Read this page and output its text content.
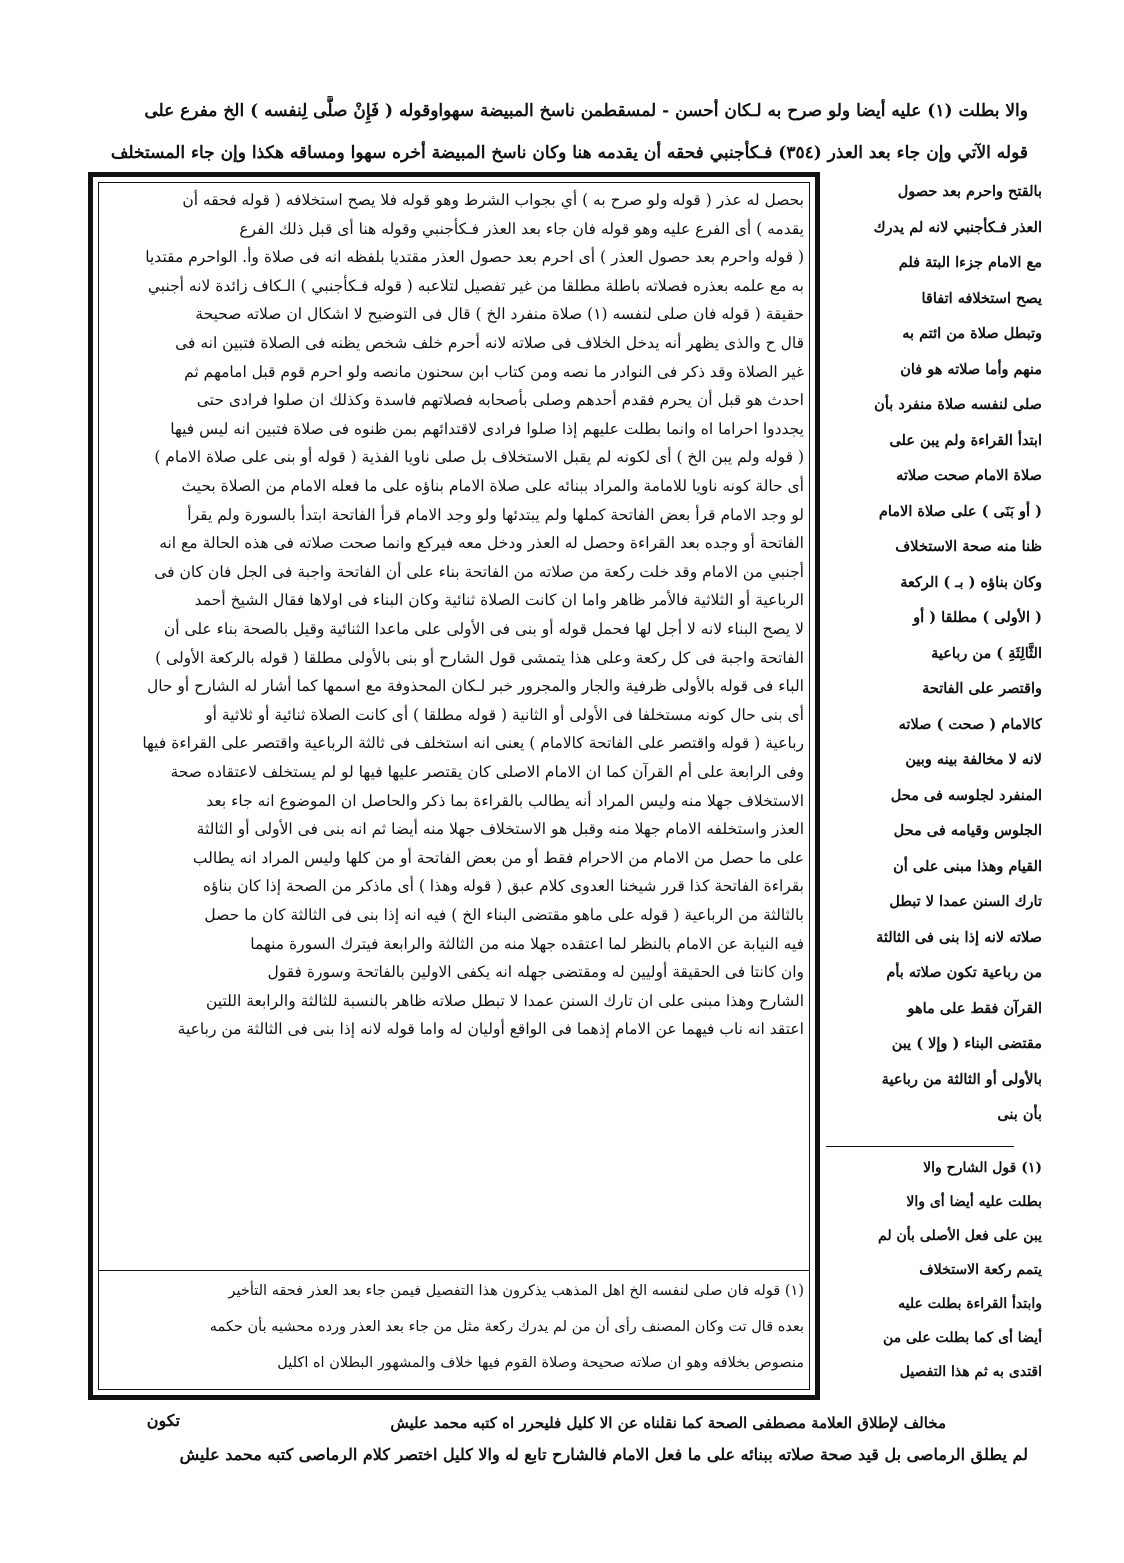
والا بطلت (١) عليه أيضا ولو صرح به لـكان أحسن - لمسقطمن ناسخ المبيضة سهواوقوله ( فَإِنْ صلَّى لِنفسه ) الخ مفرع على
قوله الآتي وإن جاء بعد العذر (٣٥٤) فـكأجنبي فحقه أن يقدمه هنا وكان ناسخ المبيضة أخره سهوا ومساقه هكذا وإن جاء المستخلف
بحصل له عذر ( قوله ولو صرح به ) أي بجواب الشرط وهو قوله فلا يصح استخلافه ( قوله فحقه أن
يقدمه ) أى الفرع عليه وهو قوله فان جاء بعد العذر فـكأجنبي وقوله هنا أى قبل ذلك الفرع
( قوله واحرم بعد حصول العذر ) أى احرم بعد حصول العذر مقتديا بلفظه انه فى صلاة وأ. الواحرم مقتديا
به مع علمه بعذره فصلاته باطلة مطلقا من غير تفصيل لتلاعبه ( قوله فـكأجنبي ) الـكاف زائدة لانه أجنبي
حقيقة ( قوله فان صلى لنفسه (١) صلاة منفرد الخ ) قال فى التوضيح لا اشكال ان صلاته صحيحة
قال ح والذى يظهر أنه يدخل الخلاف فى صلاته لانه أحرم خلف شخص يظنه فى الصلاة فتبين انه فى
غير الصلاة وقد ذكر فى النوادر ما نصه ومن كتاب ابن سحنون مانصه ولو احرم قوم قبل امامهم ثم
احدث هو قبل أن يحرم فقدم أحدهم وصلى بأصحابه فصلاتهم فاسدة وكذلك ان صلوا فرادى حتى
يجددوا احراما اه وانما بطلت عليهم إذا صلوا فرادى لاقتدائهم بمن ظنوه فى صلاة فتبين انه ليس فيها
( قوله ولم يبن الخ ) أى لكونه لم يقبل الاستخلاف بل صلى ناويا الفذية ( قوله أو بنى على صلاة الامام )
أى حالة كونه ناويا للامامة والمراد ببنائه على صلاة الامام بناؤه على ما فعله الامام من الصلاة بحيث
لو وجد الامام قرأ بعض الفاتحة كملها ولم يبتدئها ولو وجد الامام قرأ الفاتحة ابتدأ بالسورة ولم يقرأ
الفاتحة أو وجده بعد القراءة وحصل له العذر ودخل معه فيركع وانما صحت صلاته فى هذه الحالة مع انه
أجنبي من الامام وقد خلت ركعة من صلاته من الفاتحة بناء على أن الفاتحة واجبة فى الجل فان كان فى
الرباعية أو الثلاثية فالأمر ظاهر واما ان كانت الصلاة ثنائية وكان البناء فى اولاها فقال الشيخ أحمد
لا يصح البناء لانه لا أجل لها فحمل قوله أو بنى فى الأولى على ماعدا الثنائية وقيل بالصحة بناء على أن
الفاتحة واجبة فى كل ركعة وعلى هذا يتمشى قول الشارح أو بنى بالأولى مطلقا ( قوله بالركعة الأولى )
الباء فى قوله بالأولى ظرفية والجار والمجرور خبر لـكان المحذوفة مع اسمها كما أشار له الشارح أو حال
أى بنى حال كونه مستخلفا فى الأولى أو الثانية ( قوله مطلقا ) أى كانت الصلاة ثنائية أو ثلاثية أو
رباعية ( قوله واقتصر على الفاتحة كالامام ) يعنى انه استخلف فى ثالثة الرباعية واقتصر على القراءة فيها
وفى الرابعة على أم القرآن كما ان الامام الاصلى كان يقتصر عليها فيها لو لم يستخلف لاعتقاده صحة
الاستخلاف جهلا منه وليس المراد أنه يطالب بالقراءة بما ذكر والحاصل ان الموضوع انه جاء بعد
العذر واستخلفه الامام جهلا منه وقبل هو الاستخلاف جهلا منه أيضا ثم انه بنى فى الأولى أو الثالثة
على ما حصل من الامام من الاحرام فقط أو من بعض الفاتحة أو من كلها وليس المراد انه يطالب
بقراءة الفاتحة كذا قرر شيخنا العدوى كلام عبق ( قوله وهذا ) أى ماذكر من الصحة إذا كان بناؤه
بالثالثة من الرباعية ( قوله على ماهو مقتضى البناء الخ ) فيه انه إذا بنى فى الثالثة كان ما حصل
فيه النيابة عن الامام بالنظر لما اعتقده جهلا منه من الثالثة والرابعة فيترك السورة منهما
وان كانتا فى الحقيقة أوليين له ومقتضى جهله انه يكفى الاولين بالفاتحة وسورة فقول
الشارح وهذا مبنى على ان تارك السنن عمدا لا تبطل صلاته ظاهر بالنسبة للثالثة والرابعة اللتين
اعتقد انه ناب فيهما عن الامام إذهما فى الواقع أوليان له واما قوله لانه إذا بنى فى الثالثة من رباعية
(١) قوله فان صلى لنفسه الخ اهل المذهب يذكرون هذا التفصيل فيمن جاء بعد العذر فحقه التأخير
بعده قال تت وكان المصنف رأى أن من لم يدرك ركعة مثل من جاء بعد العذر ورده محشيه بأن حكمه
منصوص بخلافه وهو ان صلاته صحيحة وصلاة القوم فيها خلاف والمشهور البطلان اه اكليل
بالقتح واحرم بعد حصول
العذر فـكأجنبي لانه لم يدرك
مع الامام جزءا البتة فلم
يصح استخلافه اتفاقا
وتبطل صلاة من ائتم به
منهم وأما صلاته هو فان
صلى لنفسه صلاة منفرد بأن
ابتدأ القراءة ولم يبن على
صلاة الامام صحت صلاته
( أو بَنَى ) على صلاة الامام
ظنا منه صحة الاستخلاف
وكان بناؤه ( بـ ) الركعة
( الأولى ) مطلقا ( أو
الثَّالِثَةِ ) من رباعية
واقتصر على الفاتحة
كالامام ( صحت ) صلاته
لانه لا مخالفة بينه وبين
المنفرد لجلوسه فى محل
الجلوس وقيامه فى محل
القيام وهذا مبنى على أن
تارك السنن عمدا لا تبطل
صلاته لانه إذا بنى فى الثالثة
من رباعية تكون صلاته بأم
القرآن فقط على ماهو
مقتضى البناء ( وإلا ) يبن
بالأولى أو الثالثة من رباعية
بأن بنى
(١) قول الشارح والا
بطلت عليه أيضا أى والا
يبن على فعل الأصلى بأن لم
يتمم ركعة الاستخلاف
وابتدأ القراءة بطلت عليه
أيضا أى كما بطلت على من
اقتدى به ثم هذا التفصيل
مخالف لإطلاق العلامة مصطفى الصحة كما نقلناه عن الا كليل فليحرر اه كتبه محمد عليش
تكون
لم يطلق الرماصى بل قيد صحة صلاته ببنائه على ما فعل الامام فالشارح تابع له والا كليل اختصر كلام الرماصى كتبه محمد عليش
